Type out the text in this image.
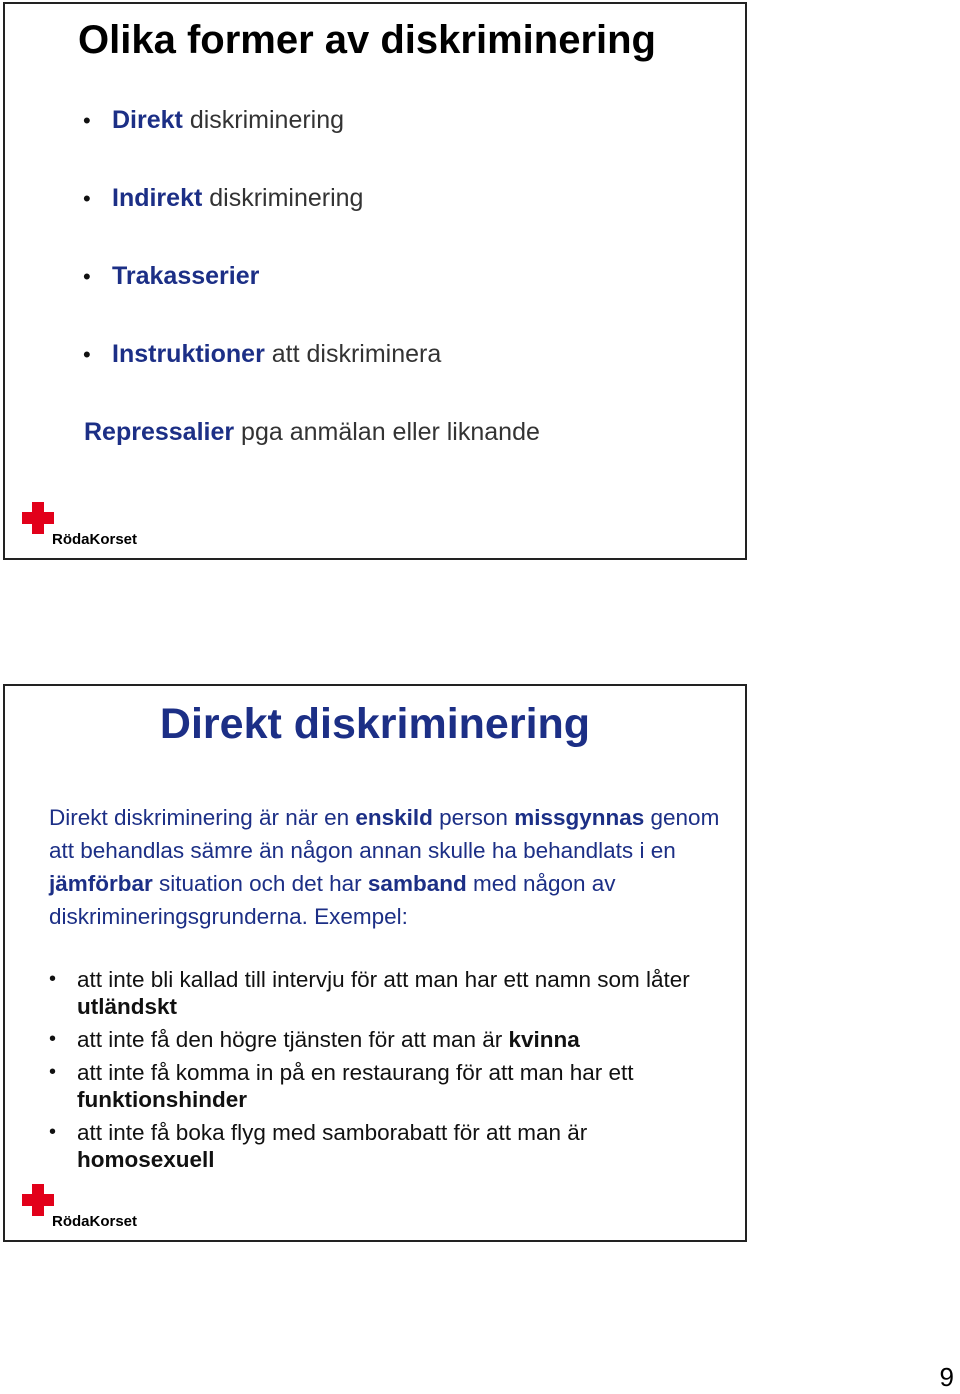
Olika former av diskriminering
• Direkt diskriminering
• Indirekt diskriminering
• Trakasserier
• Instruktioner att diskriminera
Repressalier pga anmälan eller liknande
RödaKorset
Direkt diskriminering

Direkt diskriminering är när en enskild person missgynnas genom att behandlas sämre än någon annan skulle ha behandlats i en jämförbar situation och det har samband med någon av diskrimineringsgrunderna. Exempel:

• att inte bli kallad till intervju för att man har ett namn som låter utländskt
• att inte få den högre tjänsten för att man är kvinna
• att inte få komma in på en restaurang för att man har ett funktionshinder
• att inte få boka flyg med samborabatt för att man är homosexuell
RödaKorset
9
